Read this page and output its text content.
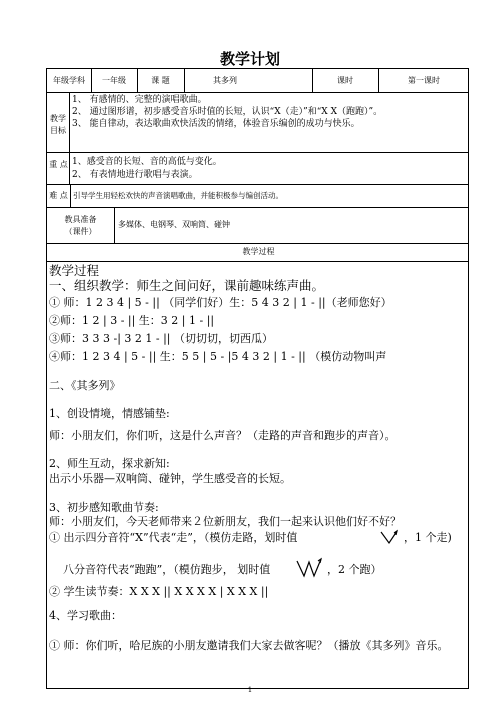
教学计划
年级学科	一年级	课 题	其多列	课时	第一课时
教学
目标
1、 有感情的、完整的演唱歌曲。
2、 通过图形谱，初步感受音乐时值的长短，认识“X（走）”和“X X（跑跑）”。
3、 能自律动，表达歌曲欢快活泼的情绪，体验音乐编创的成功与快乐。
重 点 1、感受音的长短、音的高低与变化。
2、 有表情地进行歌唱与表演。
难 点 引导学生用轻松欢快的声音演唱歌曲，并能积极参与编创活动。
教具准备
（课件）
多媒体、电钢琴、双响筒、碰钟
教学过程
教学过程
一、组织教学：师生之间问好，课前趣味练声曲。
① 师：1 2 3 4 | 5 - || （同学们好）生：5 4 3 2 | 1 - ||（老师您好）
②师：1 2 | 3 - || 生：3 2 | 1 - ||
③师：3 3 3 -| 3 2 1 - || （切切切，切西瓜）
④师：1 2 3 4 | 5 - || 生：5 5 | 5 - |5 4 3 2 | 1 - || （模仿动物叫声
二、《其多列》
1、创设情境，情感铺垫:
师：小朋友们，你们听，这是什么声音？（走路的声音和跑步的声音）。
2、师生互动，探求新知:
出示小乐器—双响筒、碰钟，学生感受音的长短。
3、初步感知歌曲节奏:
师：小朋友们，今天老师带来２位新朋友，我们一起来认识他们好不好？
① 出示四分音符“X”代表“走”，（模仿走路，划时值	，1 个走)
八分音符代表“跑跑”，（模仿跑步， 划时值	，2 个跑）
② 学生读节奏：X X X || X X X X | X X X ||
4、学习歌曲：
① 师：你们听，哈尼族的小朋友邀请我们大家去做客呢？（播放《其多列》音乐。
1
